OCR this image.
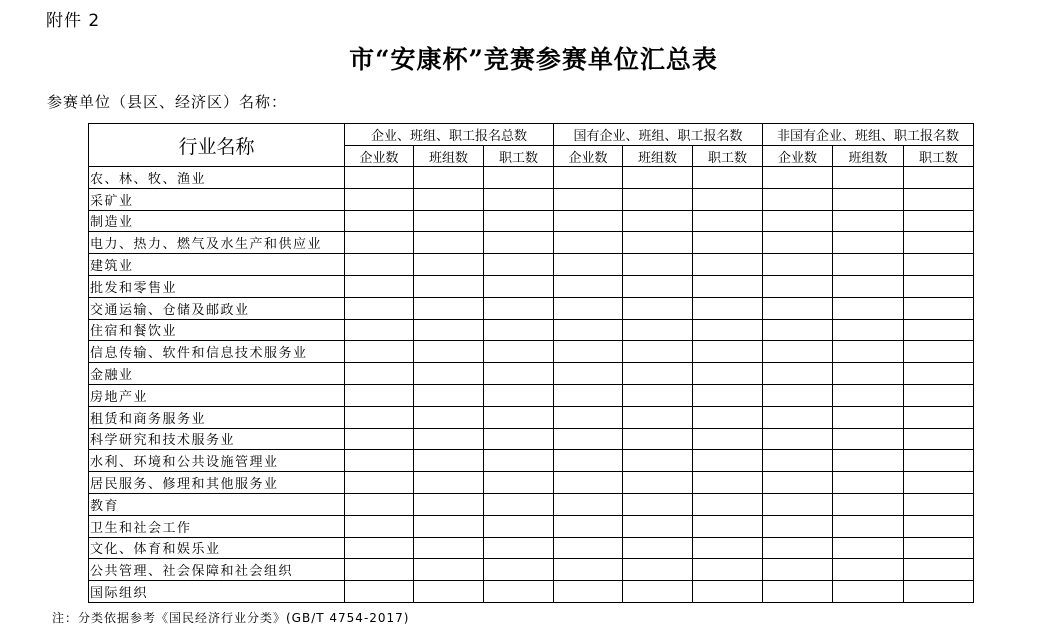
附件 2
市“安康杯”竞赛参赛单位汇总表
参赛单位（县区、经济区）名称：
行业名称	企业、班组、职工报名总数			国有企业、班组、职工报名数			非国有企业、班组、职工报名数		
	企业数	班组数	职工数	企业数	班组数	职工数	企业数	班组数	职工数
农、林、牧、渔业									
采矿业									
制造业									
电力、热力、燃气及水生产和供应业									
建筑业									
批发和零售业									
交通运输、仓储及邮政业									
住宿和餐饮业									
信息传输、软件和信息技术服务业									
金融业									
房地产业									
租赁和商务服务业									
科学研究和技术服务业									
水利、环境和公共设施管理业									
居民服务、修理和其他服务业									
教育									
卫生和社会工作									
文化、体育和娱乐业									
公共管理、社会保障和社会组织									
国际组织									
注：分类依据参考《国民经济行业分类》(GB/T 4754-2017)
